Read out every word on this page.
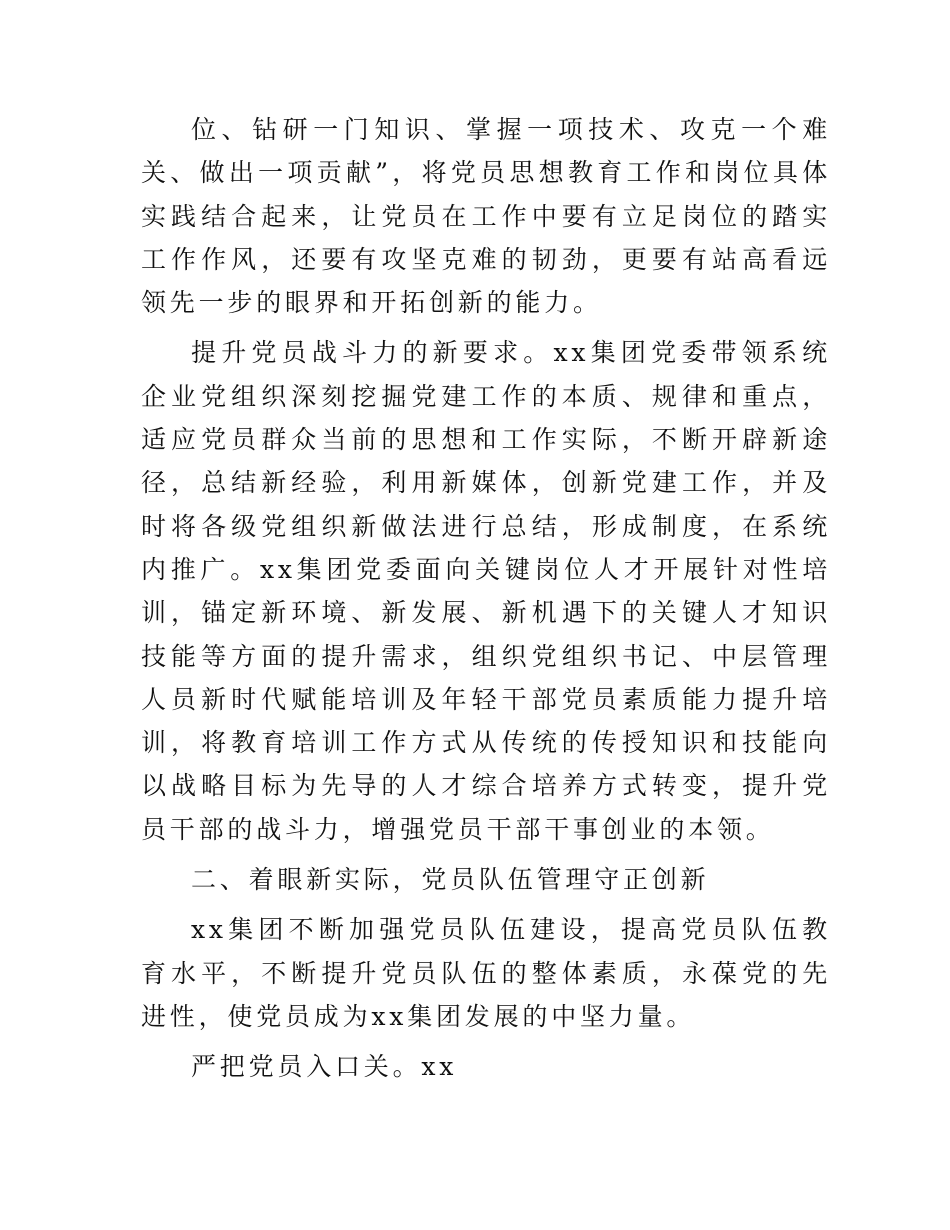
位、钻研一门知识、掌握一项技术、攻克一个难关、做出一项贡献”，将党员思想教育工作和岗位具体实践结合起来，让党员在工作中要有立足岗位的踏实工作作风，还要有攻坚克难的韧劲，更要有站高看远领先一步的眼界和开拓创新的能力。

提升党员战斗力的新要求。xx集团党委带领系统企业党组织深刻挖掘党建工作的本质、规律和重点，适应党员群众当前的思想和工作实际，不断开辟新途径，总结新经验，利用新媒体，创新党建工作，并及时将各级党组织新做法进行总结，形成制度，在系统内推广。xx集团党委面向关键岗位人才开展针对性培训，锚定新环境、新发展、新机遇下的关键人才知识技能等方面的提升需求，组织党组织书记、中层管理人员新时代赋能培训及年轻干部党员素质能力提升培训，将教育培训工作方式从传统的传授知识和技能向以战略目标为先导的人才综合培养方式转变，提升党员干部的战斗力，增强党员干部干事创业的本领。

二、着眼新实际，党员队伍管理守正创新

xx集团不断加强党员队伍建设，提高党员队伍教育水平，不断提升党员队伍的整体素质，永葆党的先进性，使党员成为xx集团发展的中坚力量。

严把党员入口关。xx
